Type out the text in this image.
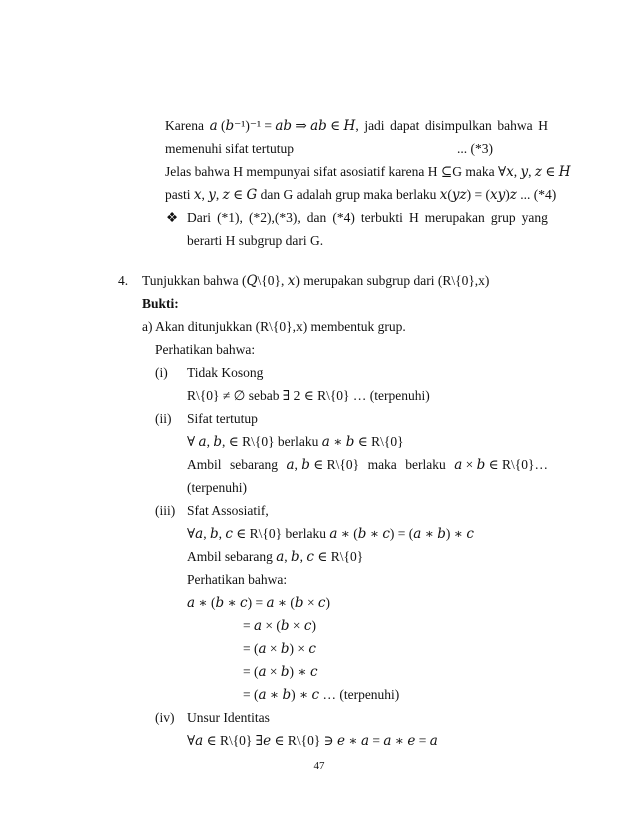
Karena 𝑎 (𝑏⁻¹)⁻¹ = 𝑎𝑏 ⇒ 𝑎𝑏 ∈ 𝐻, jadi dapat disimpulkan bahwa H
memenuhi sifat tertutup	... (*3)
Jelas bahwa H mempunyai sifat asosiatif karena H ⊆G maka ∀𝑥, 𝑦, 𝑧 ∈ 𝐻
pasti 𝑥, 𝑦, 𝑧 ∈ 𝐺 dan G adalah grup maka berlaku 𝑥(𝑦𝑧) = (𝑥𝑦)𝑧 ... (*4)
❖ Dari (*1), (*2),(*3), dan (*4) terbukti H merupakan grup yang
berarti H subgrup dari G.
4. Tunjukkan bahwa (𝑄\{0}, 𝑥) merupakan subgrup dari (R\{0},x)
Bukti:
a) Akan ditunjukkan (R\{0},x) membentuk grup.
Perhatikan bahwa:
(i) Tidak Kosong
R\{0} ≠ ∅ sebab ∃ 2 ∈ R\{0} … (terpenuhi)
(ii) Sifat tertutup
∀ 𝑎, 𝑏, ∈ R\{0} berlaku 𝑎 ∗ 𝑏 ∈ R\{0}
Ambil sebarang 𝑎, 𝑏 ∈ R\{0} maka berlaku 𝑎 × 𝑏 ∈ R\{0}…
(terpenuhi)
(iii) Sfat Assosiatif,
∀𝑎, 𝑏, 𝑐 ∈ R\{0} berlaku 𝑎 ∗ (𝑏 ∗ 𝑐) = (𝑎 ∗ 𝑏) ∗ 𝑐
Ambil sebarang 𝑎, 𝑏, 𝑐 ∈ R\{0}
Perhatikan bahwa:
𝑎 ∗ (𝑏 ∗ 𝑐) = 𝑎 ∗ (𝑏 × 𝑐)
= 𝑎 × (𝑏 × 𝑐)
= (𝑎 × 𝑏) × 𝑐
= (𝑎 × 𝑏) ∗ 𝑐
= (𝑎 ∗ 𝑏) ∗ 𝑐 … (terpenuhi)
(iv) Unsur Identitas
∀𝑎 ∈ R\{0} ∃𝑒 ∈ R\{0} ∋ 𝑒 ∗ 𝑎 = 𝑎 ∗ 𝑒 = 𝑎
47
